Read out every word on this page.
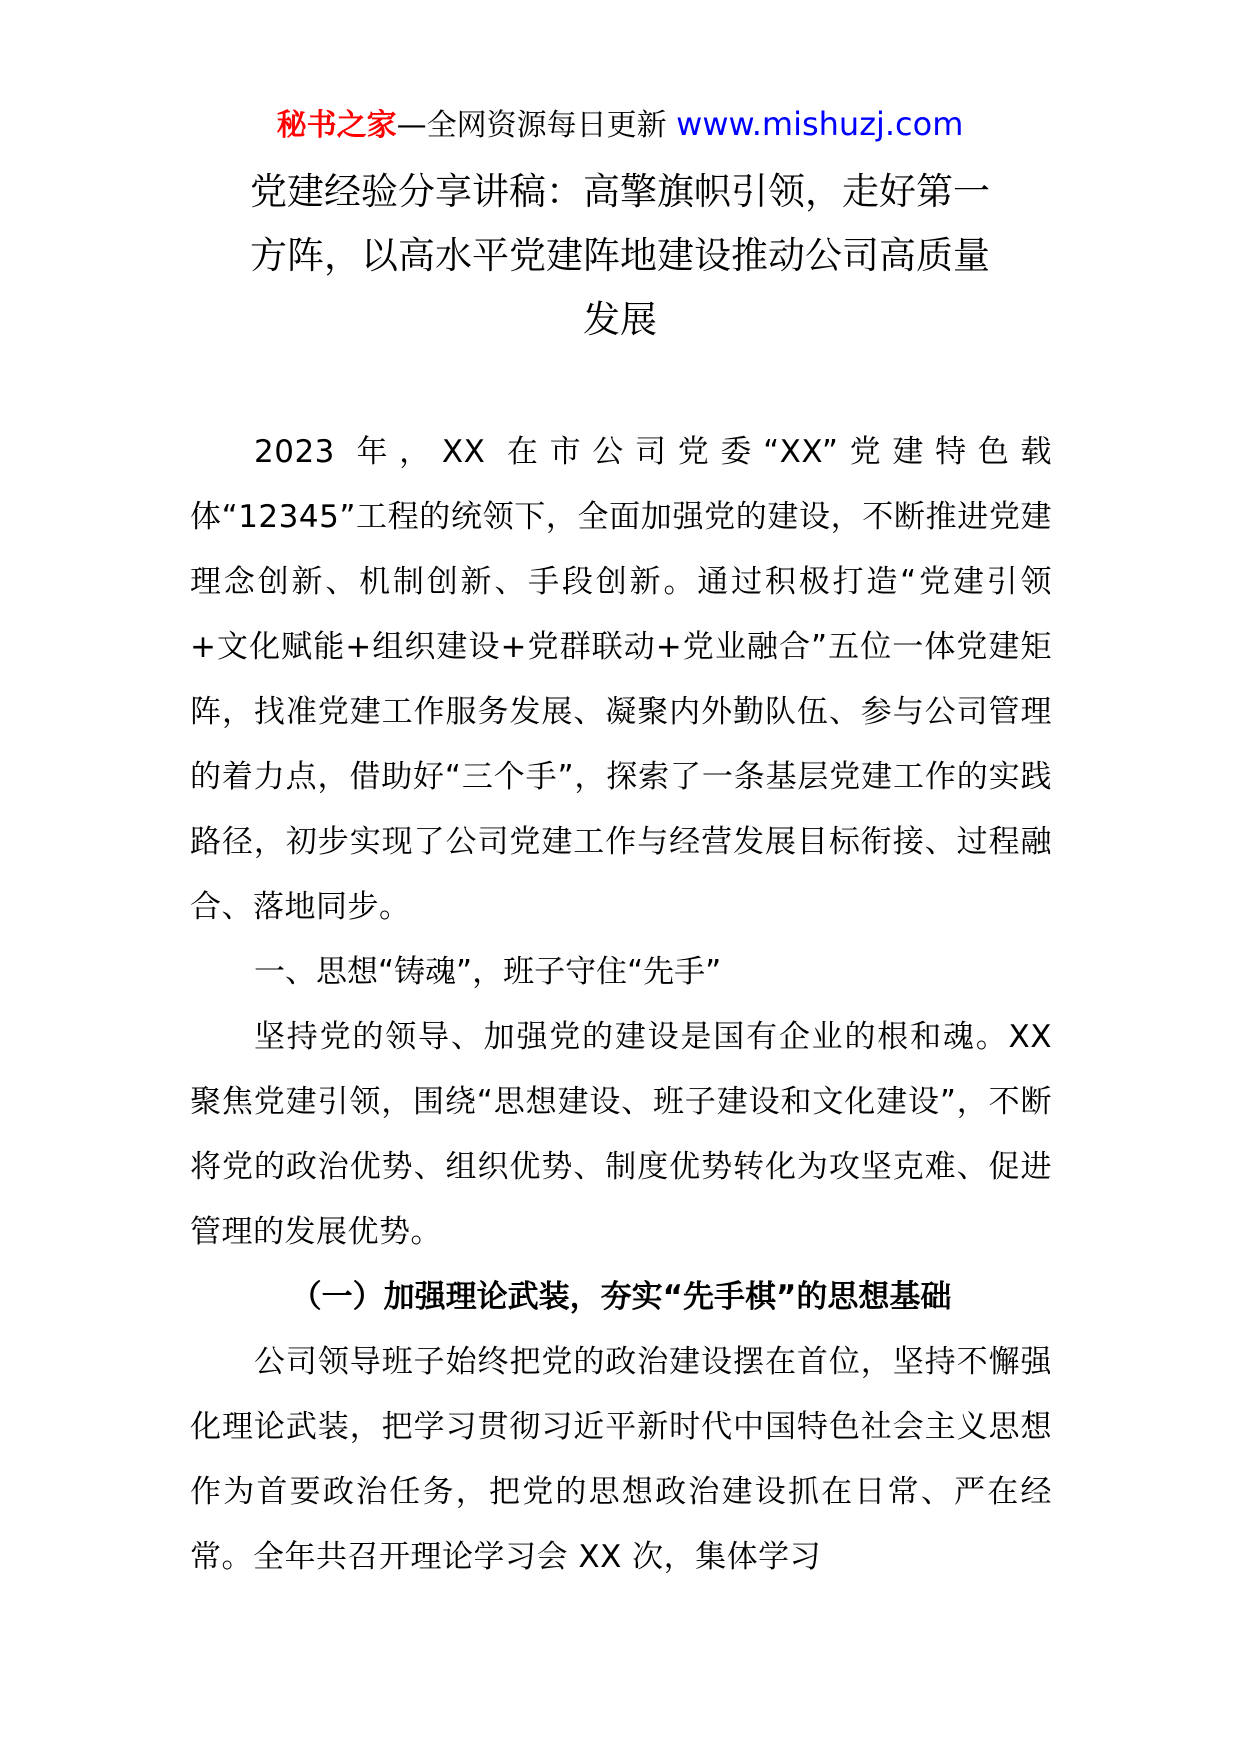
秘书之家—全网资源每日更新 www.mishuzj.com
党建经验分享讲稿：高擎旗帜引领，走好第一
方阵，以高水平党建阵地建设推动公司高质量
发展

2023 年，XX 在市公司党委“XX”党建特色载体“12345”工程的统领下，全面加强党的建设，不断推进党建理念创新、机制创新、手段创新。通过积极打造“党建引领+文化赋能+组织建设+党群联动+党业融合”五位一体党建矩阵，找准党建工作服务发展、凝聚内外勤队伍、参与公司管理的着力点，借助好“三个手”，探索了一条基层党建工作的实践路径，初步实现了公司党建工作与经营发展目标衔接、过程融合、落地同步。

一、思想“铸魂”，班子守住“先手”

坚持党的领导、加强党的建设是国有企业的根和魂。XX 聚焦党建引领，围绕“思想建设、班子建设和文化建设”，不断将党的政治优势、组织优势、制度优势转化为攻坚克难、促进管理的发展优势。

（一）加强理论武装，夯实“先手棋”的思想基础

公司领导班子始终把党的政治建设摆在首位，坚持不懈强化理论武装，把学习贯彻习近平新时代中国特色社会主义思想作为首要政治任务，把党的思想政治建设抓在日常、严在经常。全年共召开理论学习会 XX 次，集体学习
